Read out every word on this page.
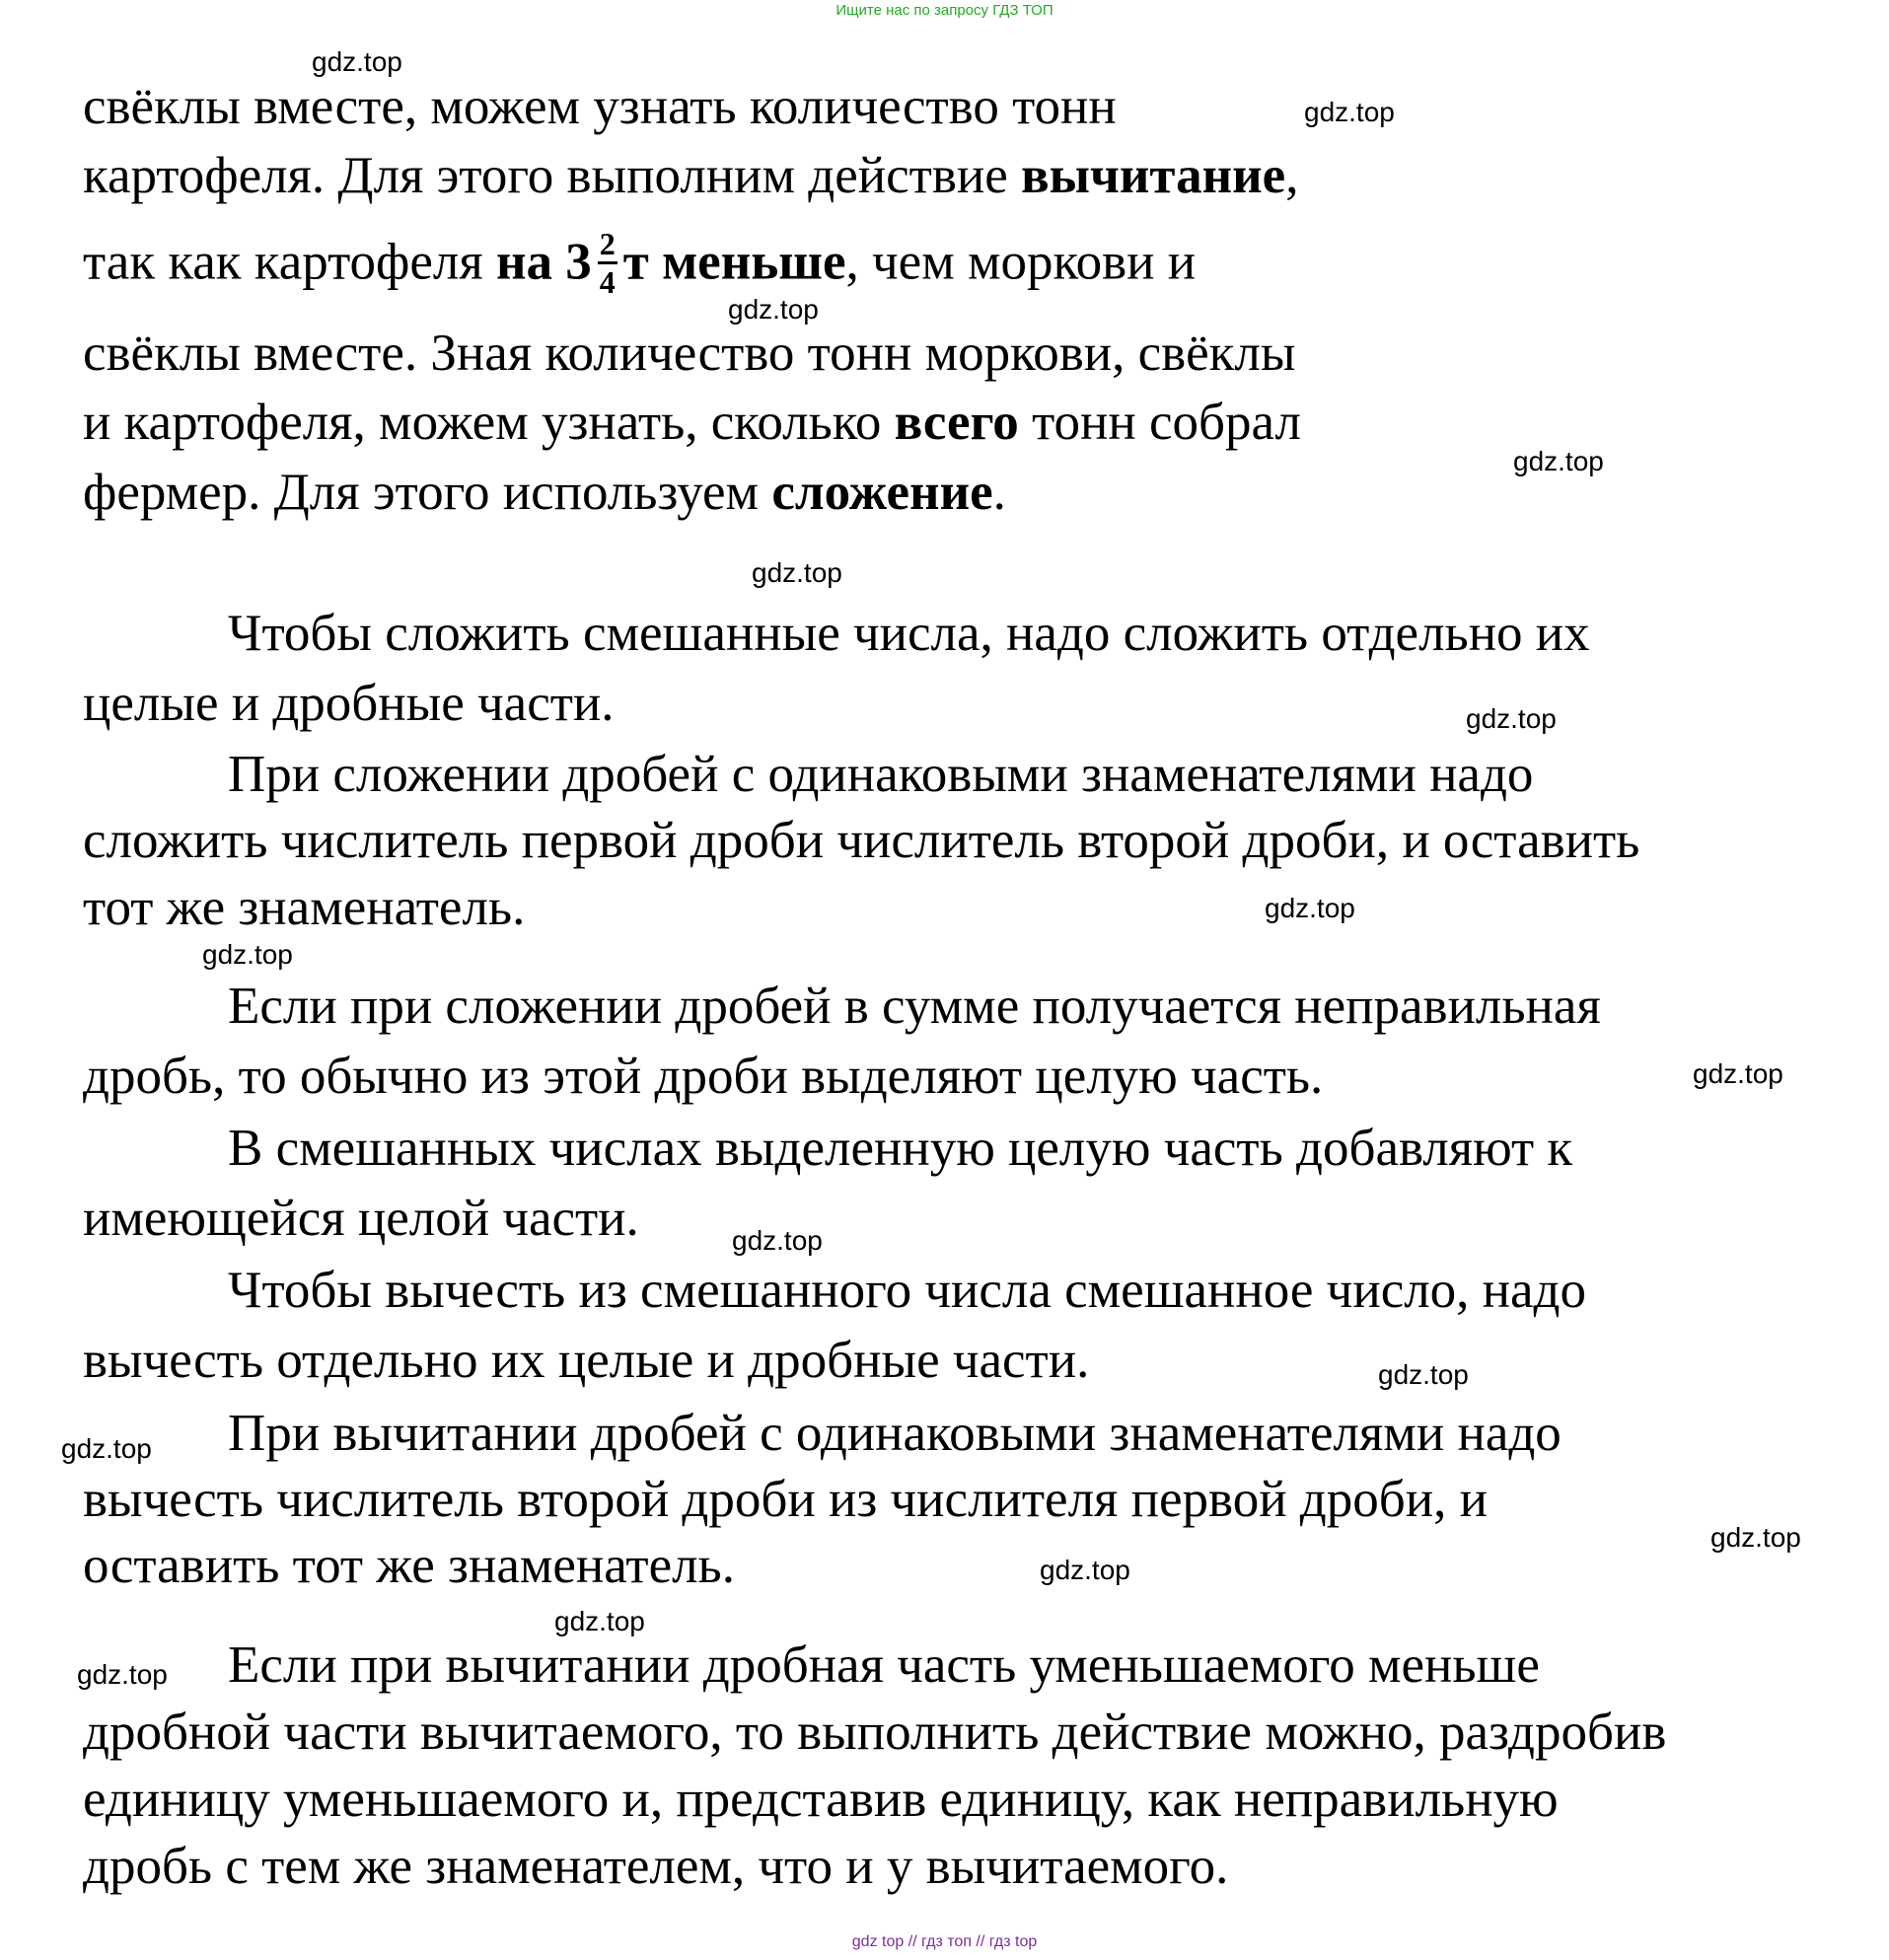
Ищите нас по запросу ГДЗ ТОП
gdz.top
gdz.top
gdz.top
gdz.top
gdz.top
gdz.top
gdz.top
gdz.top
gdz.top
gdz.top
gdz.top
gdz.top
gdz.top
gdz.top
gdz.top
gdz.top
свёклы вместе, можем узнать количество тонн
картофеля. Для этого выполним действие вычитание,
так как картофеля на $3 \frac{2}{4}$ т меньше, чем моркови и
свёклы вместе. Зная количество тонн моркови, свёклы
и картофеля, можем узнать, сколько всего тонн собрал
фермер. Для этого используем сложение.
Чтобы сложить смешанные числа, надо сложить отдельно их
целые и дробные части.
При сложении дробей с одинаковыми знаменателями надо
сложить числитель первой дроби числитель второй дроби, и оставить
тот же знаменатель.
Если при сложении дробей в сумме получается неправильная
дробь, то обычно из этой дроби выделяют целую часть.
В смешанных числах выделенную целую часть добавляют к
имеющейся целой части.
Чтобы вычесть из смешанного числа смешанное число, надо
вычесть отдельно их целые и дробные части.
При вычитании дробей с одинаковыми знаменателями надо
вычесть числитель второй дроби из числителя первой дроби, и
оставить тот же знаменатель.
Если при вычитании дробная часть уменьшаемого меньше
дробной части вычитаемого, то выполнить действие можно, раздробив
единицу уменьшаемого и, представив единицу, как неправильную
дробь с тем же знаменателем, что и у вычитаемого.
gdz top // гдз топ // гдз top
